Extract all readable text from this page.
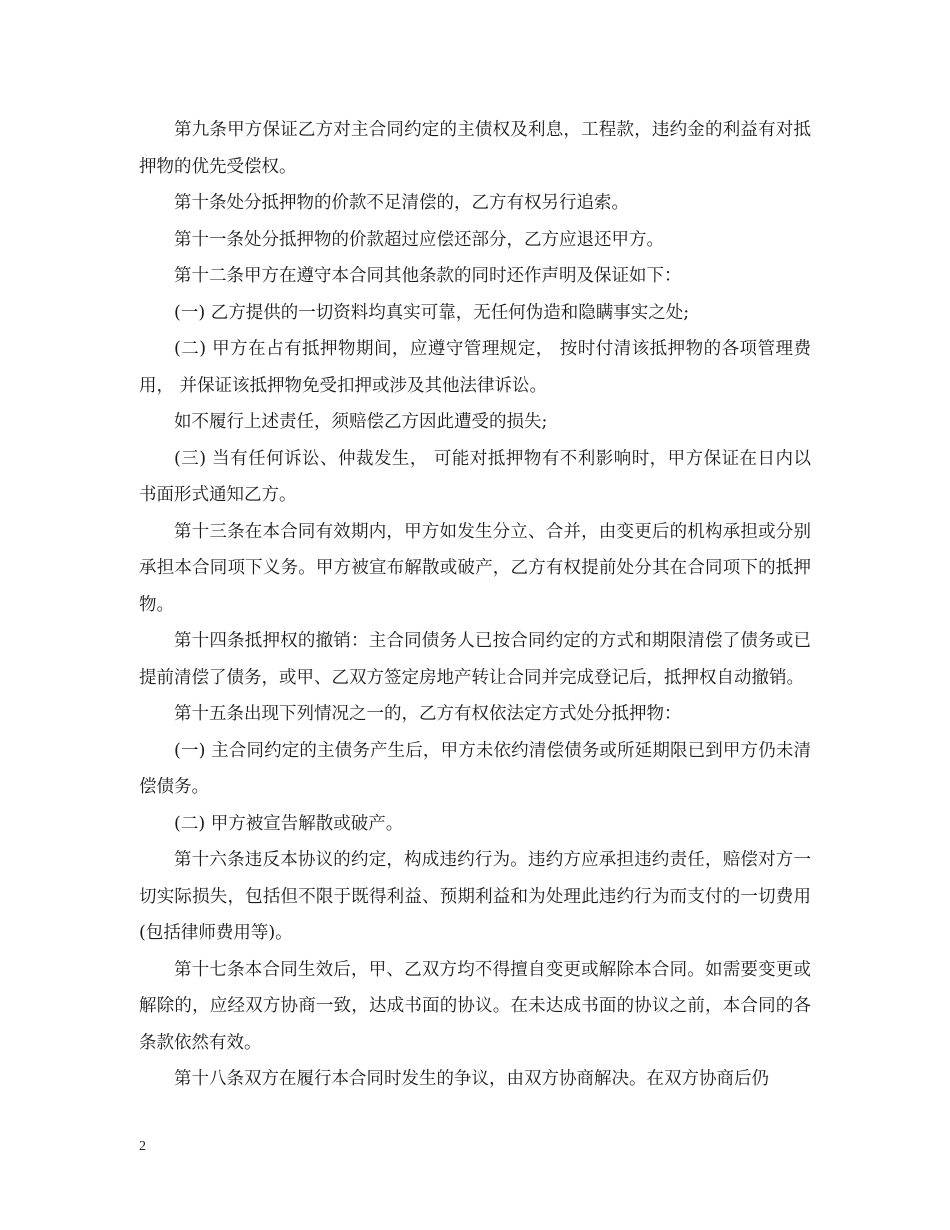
第九条甲方保证乙方对主合同约定的主债权及利息，工程款，违约金的利益有对抵押物的优先受偿权。

第十条处分抵押物的价款不足清偿的，乙方有权另行追索。

第十一条处分抵押物的价款超过应偿还部分，乙方应退还甲方。

第十二条甲方在遵守本合同其他条款的同时还作声明及保证如下：

(一) 乙方提供的一切资料均真实可靠，无任何伪造和隐瞒事实之处;

(二) 甲方在占有抵押物期间，应遵守管理规定， 按时付清该抵押物的各项管理费用， 并保证该抵押物免受扣押或涉及其他法律诉讼。

如不履行上述责任，须赔偿乙方因此遭受的损失;

(三) 当有任何诉讼、仲裁发生， 可能对抵押物有不利影响时，甲方保证在日内以书面形式通知乙方。

第十三条在本合同有效期内，甲方如发生分立、合并，由变更后的机构承担或分别承担本合同项下义务。甲方被宣布解散或破产，乙方有权提前处分其在合同项下的抵押物。

第十四条抵押权的撤销：主合同债务人已按合同约定的方式和期限清偿了债务或已提前清偿了债务，或甲、乙双方签定房地产转让合同并完成登记后，抵押权自动撤销。

第十五条出现下列情况之一的，乙方有权依法定方式处分抵押物：

(一) 主合同约定的主债务产生后，甲方未依约清偿债务或所延期限已到甲方仍未清偿债务。

(二) 甲方被宣告解散或破产。

第十六条违反本协议的约定，构成违约行为。违约方应承担违约责任，赔偿对方一切实际损失，包括但不限于既得利益、预期利益和为处理此违约行为而支付的一切费用(包括律师费用等)。

第十七条本合同生效后，甲、乙双方均不得擅自变更或解除本合同。如需要变更或解除的，应经双方协商一致，达成书面的协议。在未达成书面的协议之前，本合同的各条款依然有效。

第十八条双方在履行本合同时发生的争议，由双方协商解决。在双方协商后仍

2
